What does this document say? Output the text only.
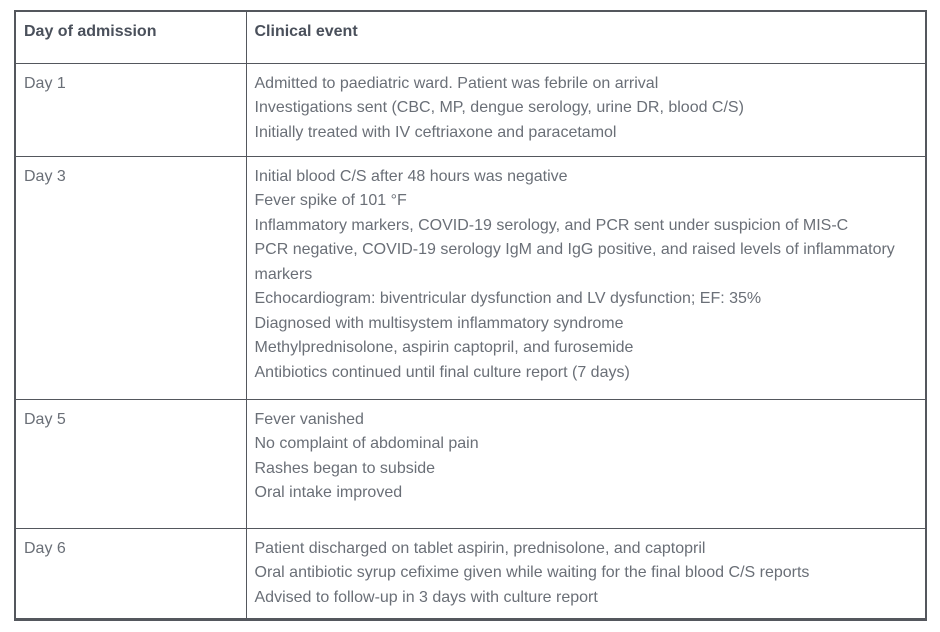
Day of admission	Clinical event
Day 1	Admitted to paediatric ward. Patient was febrile on arrival
Investigations sent (CBC, MP, dengue serology, urine DR, blood C/S)
Initially treated with IV ceftriaxone and paracetamol

Day 3	Initial blood C/S after 48 hours was negative
Fever spike of 101 °F
Inflammatory markers, COVID-19 serology, and PCR sent under suspicion of MIS-C
PCR negative, COVID-19 serology IgM and IgG positive, and raised levels of inflammatory markers
Echocardiogram: biventricular dysfunction and LV dysfunction; EF: 35%
Diagnosed with multisystem inflammatory syndrome
Methylprednisolone, aspirin captopril, and furosemide
Antibiotics continued until final culture report (7 days)

Day 5	Fever vanished
No complaint of abdominal pain
Rashes began to subside
Oral intake improved

Day 6	Patient discharged on tablet aspirin, prednisolone, and captopril
Oral antibiotic syrup cefixime given while waiting for the final blood C/S reports
Advised to follow-up in 3 days with culture report
